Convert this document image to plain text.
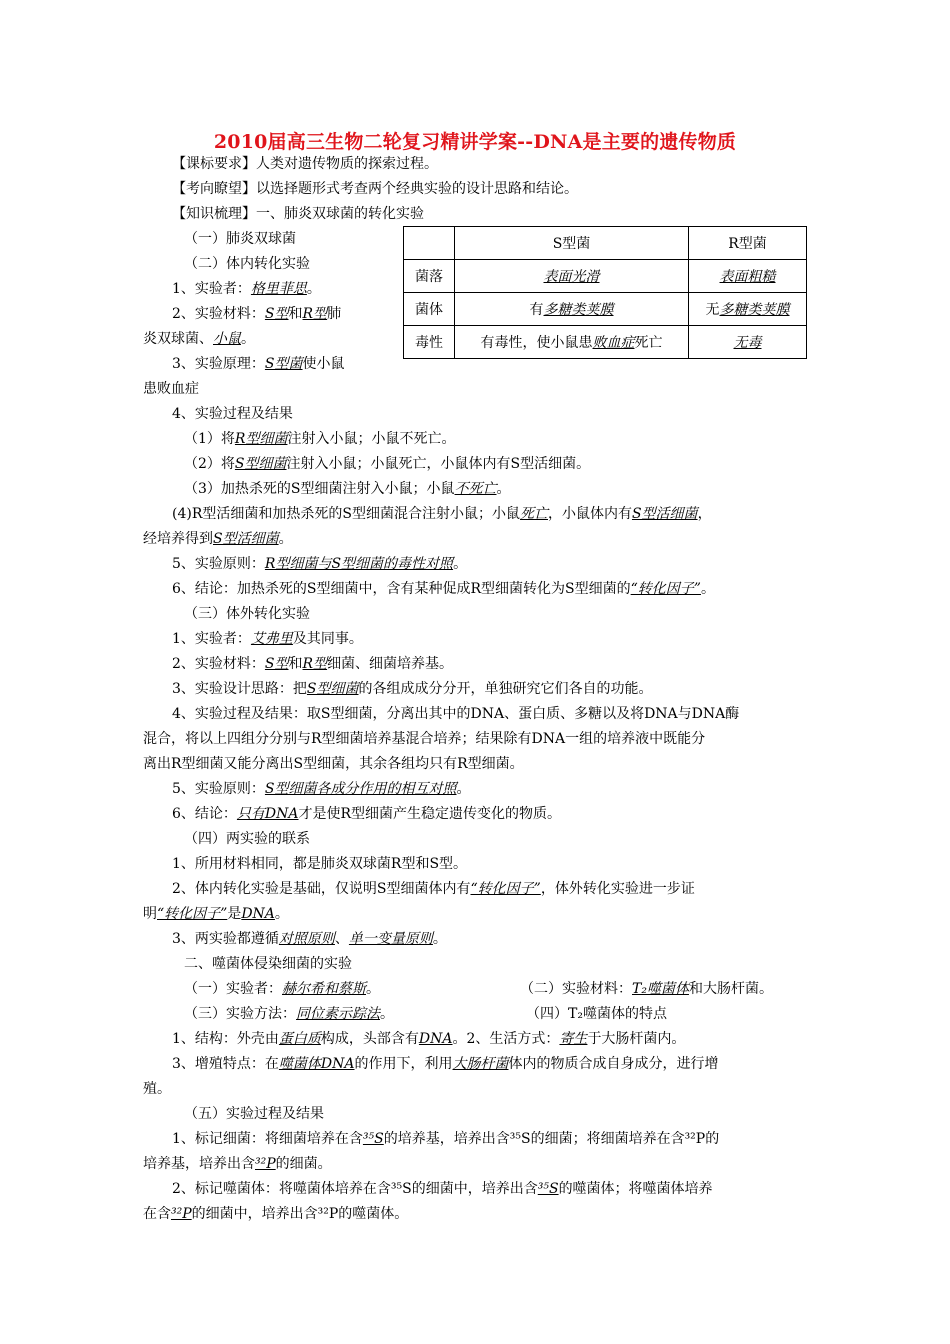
2010届高三生物二轮复习精讲学案--DNA是主要的遗传物质
【课标要求】人类对遗传物质的探索过程。
【考向瞭望】以选择题形式考查两个经典实验的设计思路和结论。
【知识梳理】一、肺炎双球菌的转化实验
（一）肺炎双球菌
（二）体内转化实验
1、实验者：格里菲思。
2、实验材料：S型和R型肺
炎双球菌、小鼠。
3、实验原理：S型菌使小鼠
患败血症
4、实验过程及结果
（1）将R型细菌注射入小鼠；小鼠不死亡。
（2）将S型细菌注射入小鼠；小鼠死亡，小鼠体内有S型活细菌。
（3）加热杀死的S型细菌注射入小鼠；小鼠不死亡。
(4)R型活细菌和加热杀死的S型细菌混合注射小鼠；小鼠死亡，小鼠体内有S型活细菌，
经培养得到S型活细菌。
5、实验原则：R型细菌与S型细菌的毒性对照。
6、结论：加热杀死的S型细菌中，含有某种促成R型细菌转化为S型细菌的“转化因子”。
（三）体外转化实验
1、实验者：艾弗里及其同事。
2、实验材料：S型和R型细菌、细菌培养基。
3、实验设计思路：把S型细菌的各组成成分分开，单独研究它们各自的功能。
4、实验过程及结果：取S型细菌，分离出其中的DNA、蛋白质、多糖以及将DNA与DNA酶
混合，将以上四组分分别与R型细菌培养基混合培养；结果除有DNA一组的培养液中既能分
离出R型细菌又能分离出S型细菌，其余各组均只有R型细菌。
5、实验原则：S型细菌各成分作用的相互对照。
6、结论：只有DNA才是使R型细菌产生稳定遗传变化的物质。
（四）两实验的联系
1、所用材料相同，都是肺炎双球菌R型和S型。
2、体内转化实验是基础，仅说明S型细菌体内有“转化因子”，体外转化实验进一步证
明“转化因子”是DNA。
3、两实验都遵循对照原则、单一变量原则。
二、噬菌体侵染细菌的实验
（一）实验者：赫尔希和蔡斯。	（二）实验材料：T₂噬菌体和大肠杆菌。
（三）实验方法：同位素示踪法。	（四）T₂噬菌体的特点
1、结构：外壳由蛋白质构成，头部含有DNA。2、生活方式：寄生于大肠杆菌内。
3、增殖特点：在噬菌体DNA的作用下，利用大肠杆菌体内的物质合成自身成分，进行增
殖。
（五）实验过程及结果
1、标记细菌：将细菌培养在含³⁵S的培养基，培养出含³⁵S的细菌；将细菌培养在含³²P的
培养基，培养出含³²P的细菌。
2、标记噬菌体：将噬菌体培养在含³⁵S的细菌中，培养出含³⁵S的噬菌体；将噬菌体培养
在含³²P的细菌中，培养出含³²P的噬菌体。
	S型菌	R型菌
菌落	表面光滑	表面粗糙
菌体	有多糖类荚膜	无多糖类荚膜
毒性	有毒性，使小鼠患败血症死亡	无毒
